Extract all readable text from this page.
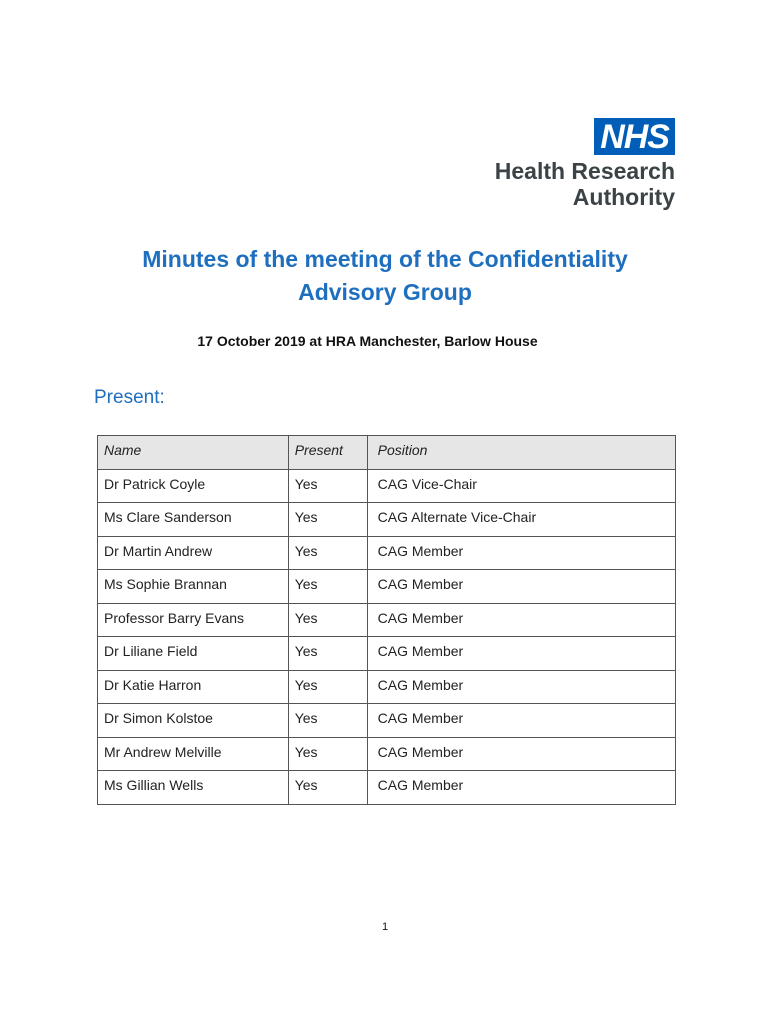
NHS
Health Research
Authority
Minutes of the meeting of the Confidentiality
Advisory Group
17 October 2019 at HRA Manchester, Barlow House
Present:
Name	Present	Position
Dr Patrick Coyle	Yes	CAG Vice-Chair
Ms Clare Sanderson	Yes	CAG Alternate Vice-Chair
Dr Martin Andrew	Yes	CAG Member
Ms Sophie Brannan	Yes	CAG Member
Professor Barry Evans	Yes	CAG Member
Dr Liliane Field	Yes	CAG Member
Dr Katie Harron	Yes	CAG Member
Dr Simon Kolstoe	Yes	CAG Member
Mr Andrew Melville	Yes	CAG Member
Ms Gillian Wells	Yes	CAG Member
1
